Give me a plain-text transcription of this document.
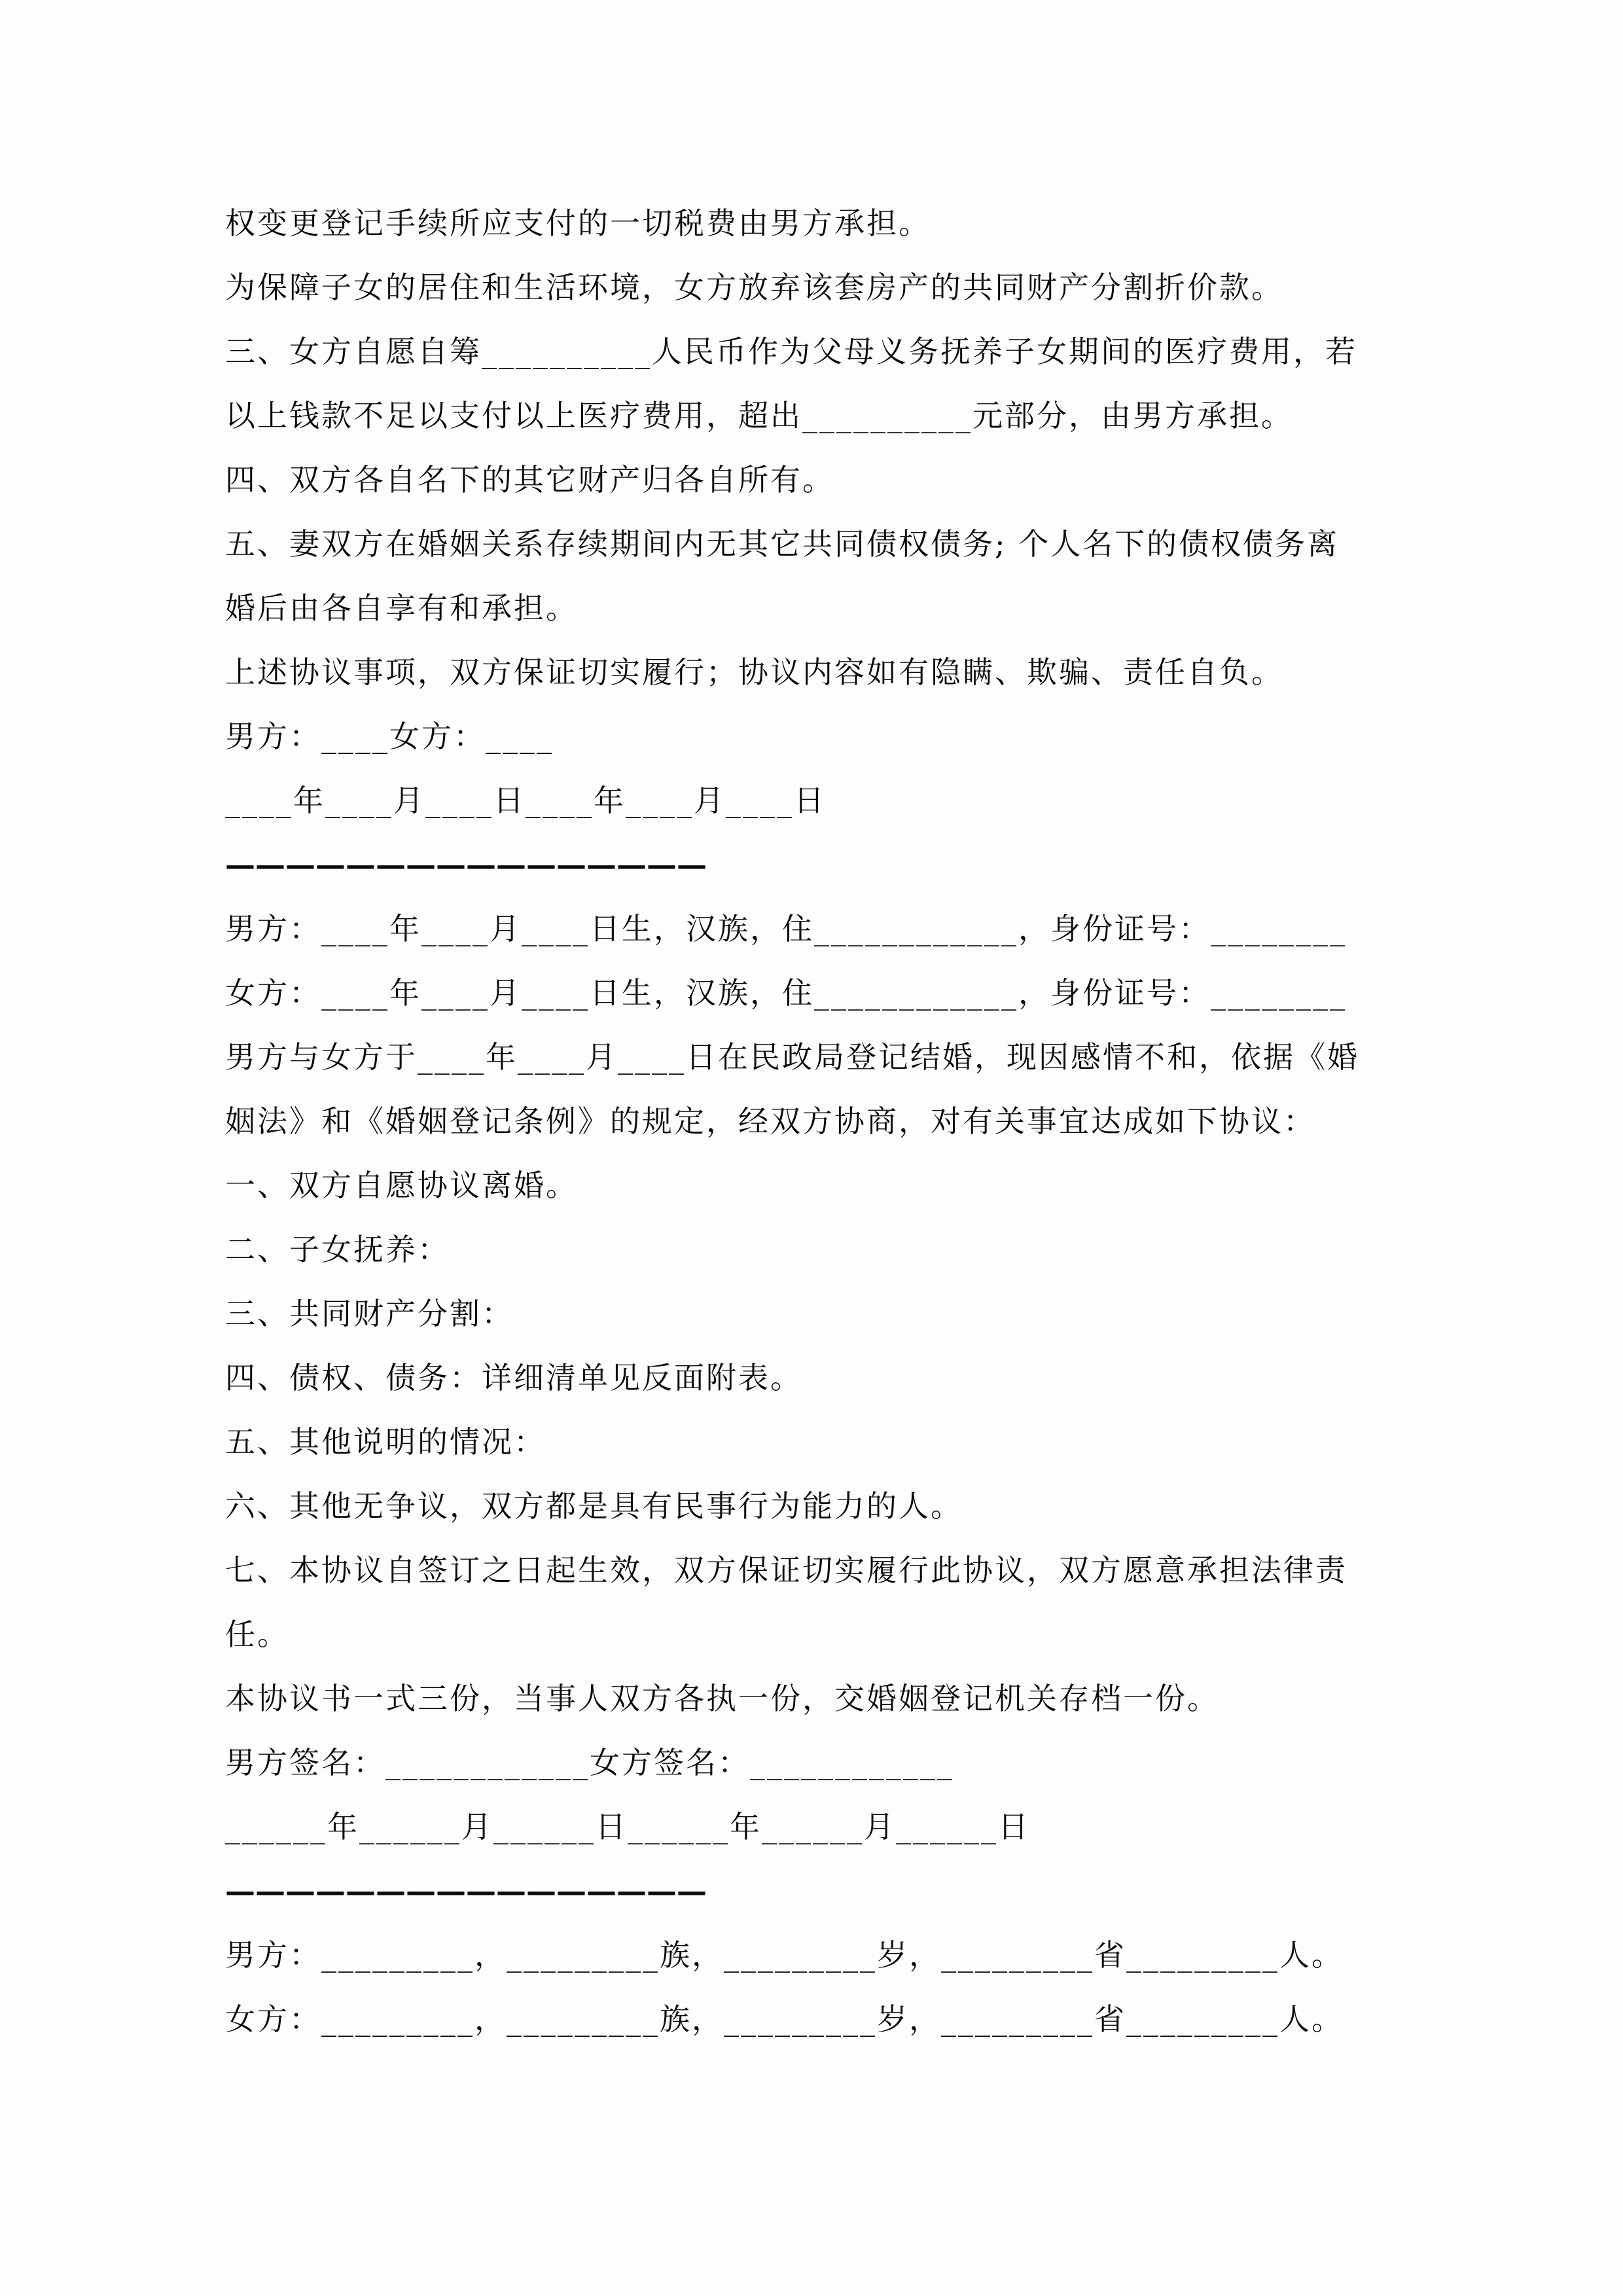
权变更登记手续所应支付的一切税费由男方承担。

为保障子女的居住和生活环境，女方放弃该套房产的共同财产分割折价款。

三、女方自愿自筹__________人民币作为父母义务抚养子女期间的医疗费用，若

以上钱款不足以支付以上医疗费用，超出__________元部分，由男方承担。

四、双方各自名下的其它财产归各自所有。

五、妻双方在婚姻关系存续期间内无其它共同债权债务; 个人名下的债权债务离

婚后由各自享有和承担。

上述协议事项，双方保证切实履行；协议内容如有隐瞒、欺骗、责任自负。

男方：____女方：____

____年____月____日____年____月____日

————————————————

男方：____年____月____日生，汉族，住____________，身份证号：________

女方：____年____月____日生，汉族，住____________，身份证号：________

男方与女方于____年____月____日在民政局登记结婚，现因感情不和，依据《婚

姻法》和《婚姻登记条例》的规定，经双方协商，对有关事宜达成如下协议：

一、双方自愿协议离婚。

二、子女抚养：

三、共同财产分割：

四、债权、债务：详细清单见反面附表。

五、其他说明的情况：

六、其他无争议，双方都是具有民事行为能力的人。

七、本协议自签订之日起生效，双方保证切实履行此协议，双方愿意承担法律责

任。

本协议书一式三份，当事人双方各执一份，交婚姻登记机关存档一份。

男方签名：____________女方签名：____________

______年______月______日______年______月______日

————————————————

男方：_________，_________族，_________岁，_________省_________人。

女方：_________，_________族，_________岁，_________省_________人。
